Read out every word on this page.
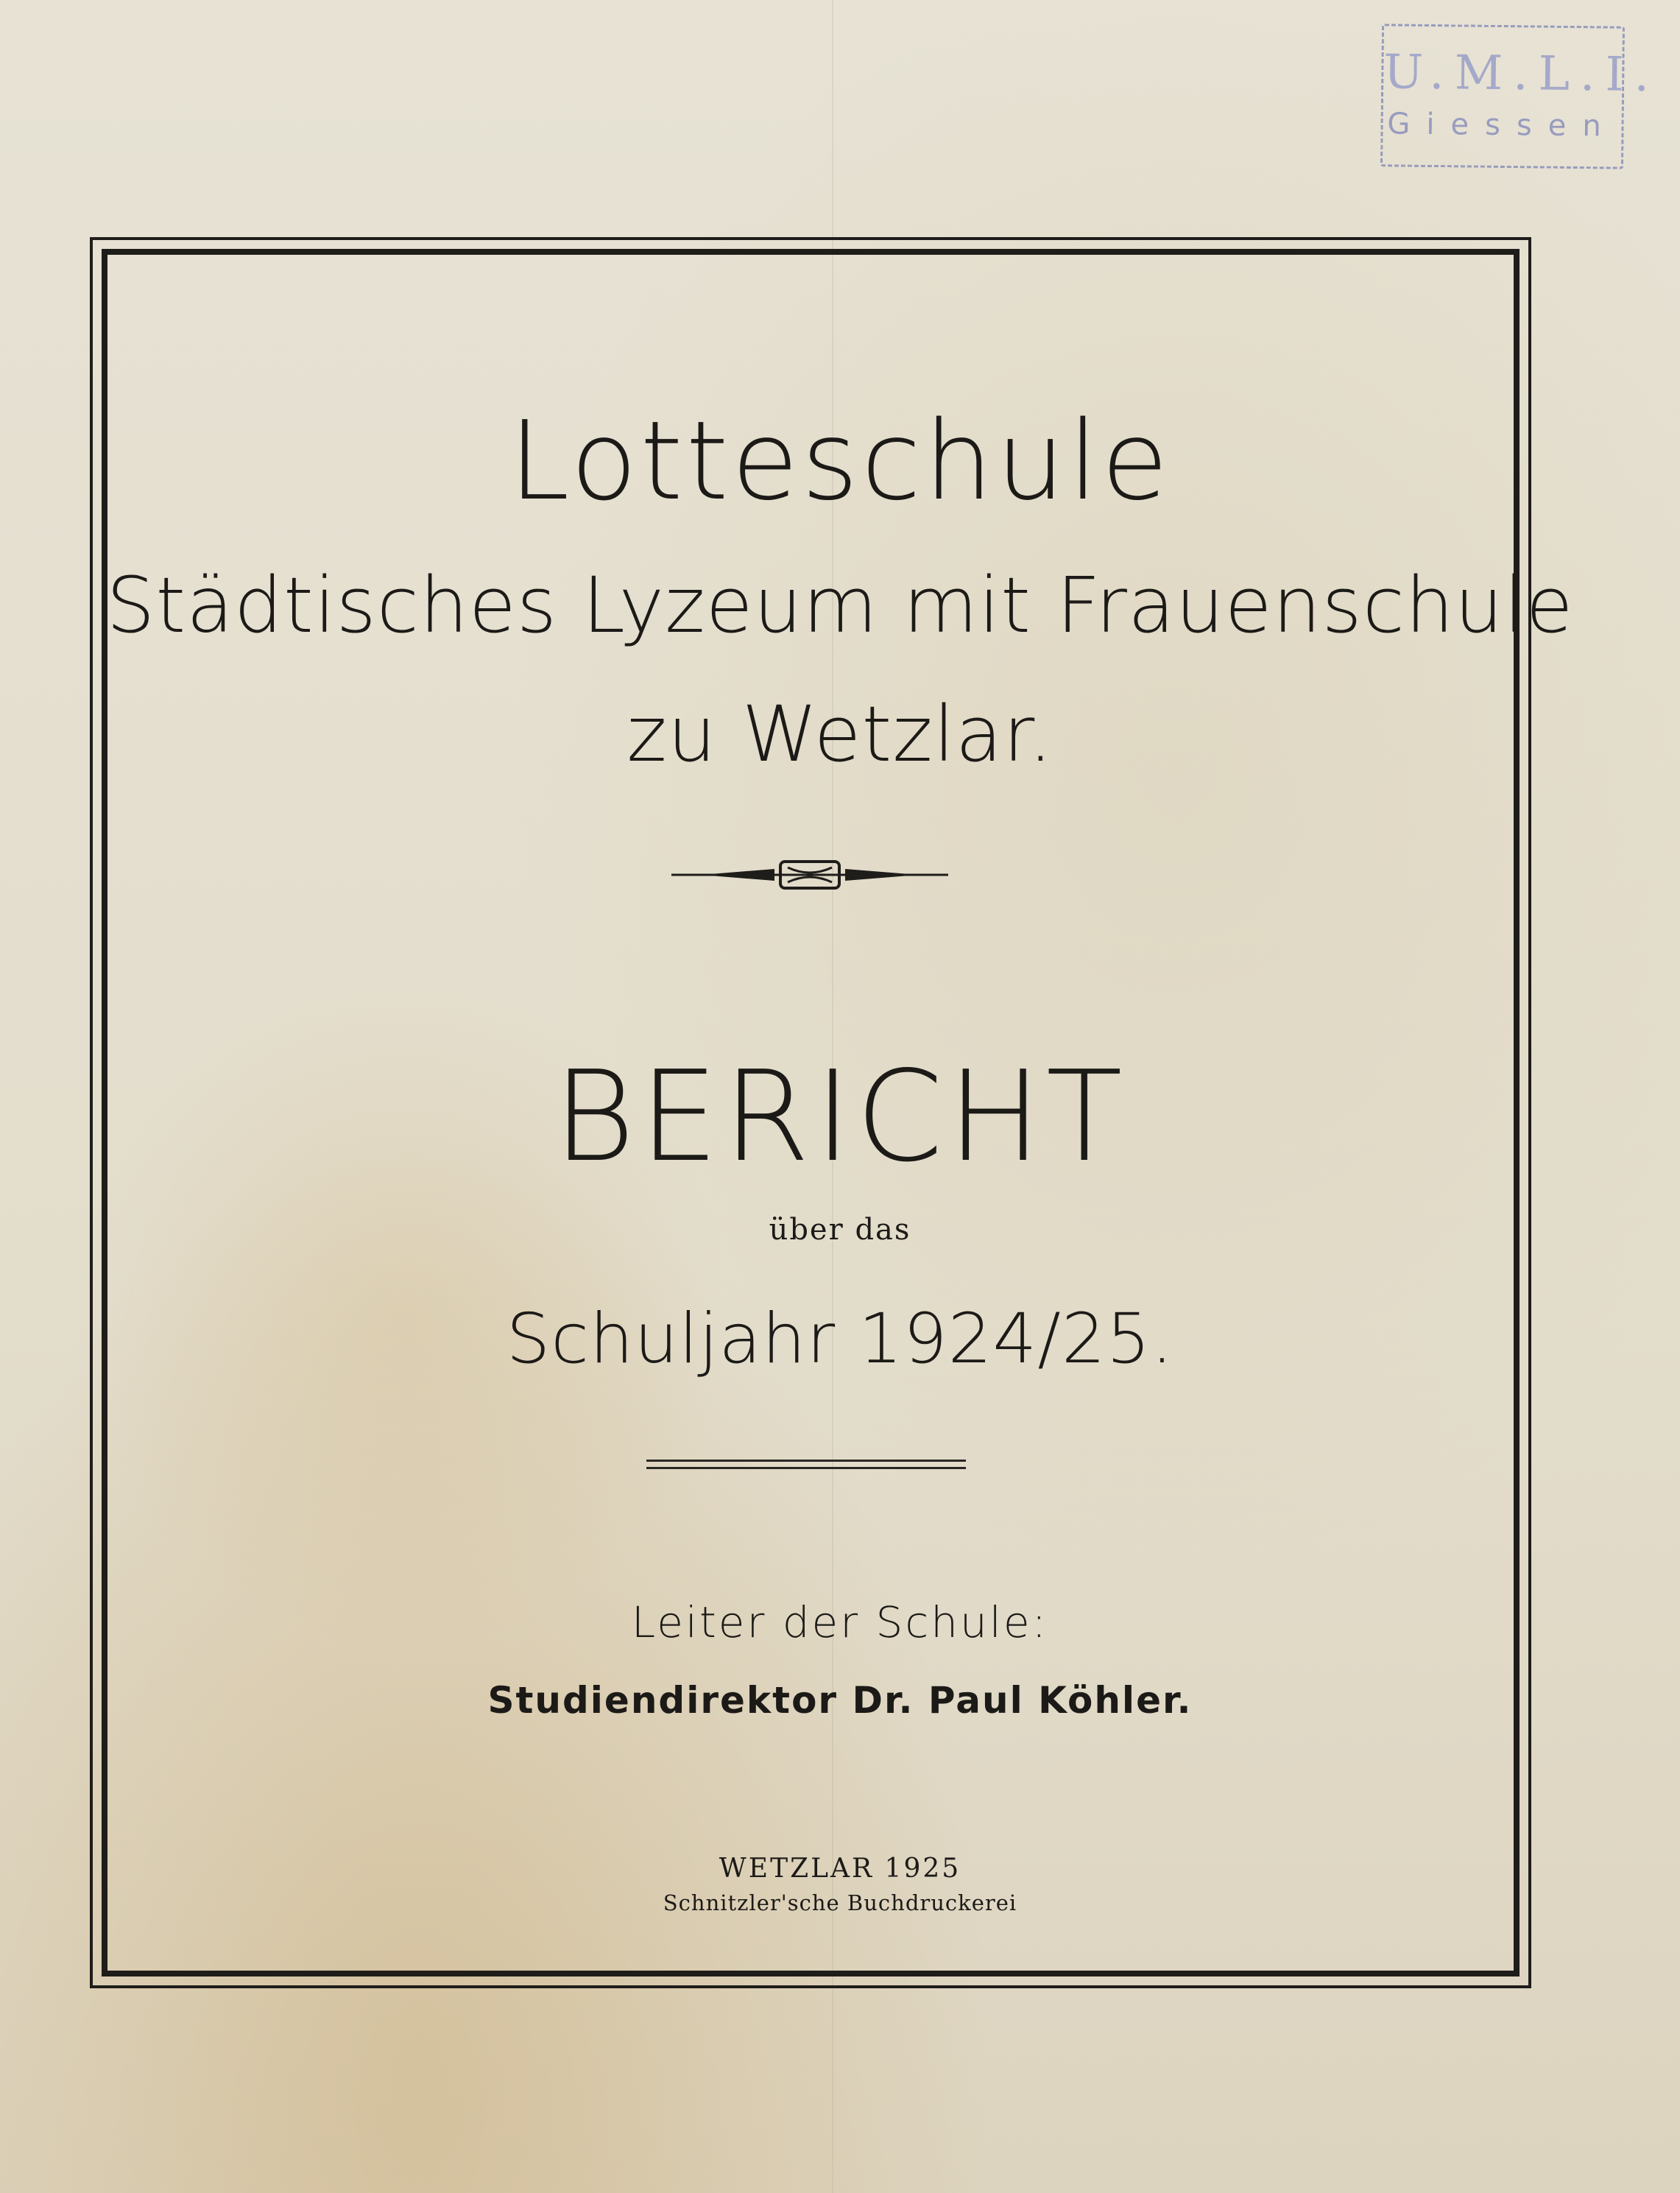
U.M.L.I.
Giessen
Lotteschule
Städtisches Lyzeum mit Frauenschule
zu Wetzlar.
BERICHT
über das
Schuljahr 1924/25.
Leiter der Schule:
Studiendirektor Dr. Paul Köhler.
WETZLAR 1925
Schnitzler'sche Buchdruckerei
